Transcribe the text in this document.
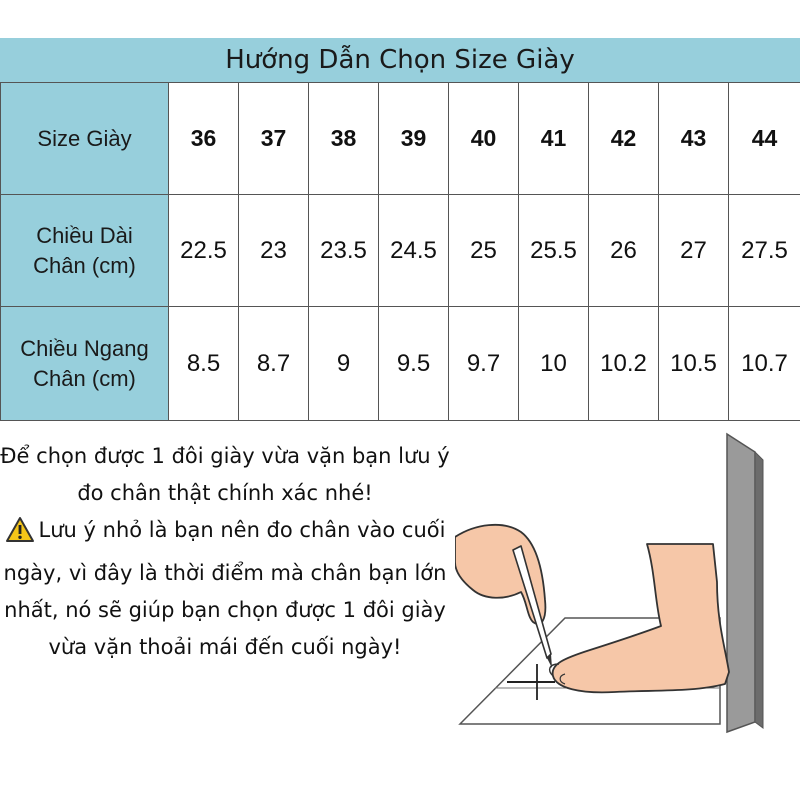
Hướng Dẫn Chọn Size Giày
Size Giày	36	37	38	39	40	41	42	43	44
Chiều Dài
Chân (cm)	22.5	23	23.5	24.5	25	25.5	26	27	27.5
Chiều Ngang
Chân (cm)	8.5	8.7	9	9.5	9.7	10	10.2	10.5	10.7

Để chọn được 1 đôi giày vừa vặn bạn lưu ý đo chân thật chính xác nhé!

Lưu ý nhỏ là bạn nên đo chân vào cuối ngày, vì đây là thời điểm mà chân bạn lớn nhất, nó sẽ giúp bạn chọn được 1 đôi giày vừa vặn thoải mái đến cuối ngày!
